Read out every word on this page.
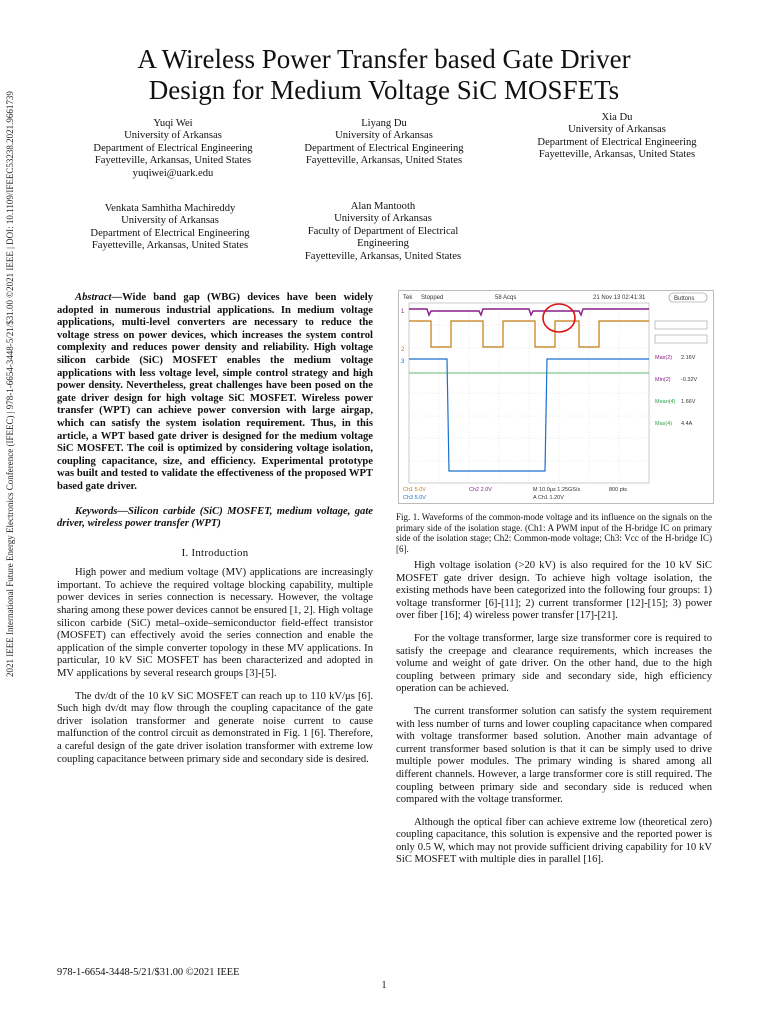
A Wireless Power Transfer based Gate Driver
Design for Medium Voltage SiC MOSFETs
2021 IEEE International Future Energy Electronics Conference (IFEEC) | 978-1-6654-3448-5/21/$31.00 ©2021 IEEE | DOI: 10.1109/IFEEC53238.2021.9661739	Yuqi Wei
University of Arkansas
Department of Electrical Engineering
Fayetteville, Arkansas, United States
yuqiwei@uark.edu
Liyang Du
University of Arkansas
Department of Electrical Engineering
Fayetteville, Arkansas, United States
Xia Du
University of Arkansas
Department of Electrical Engineering
Fayetteville, Arkansas, United States
Venkata Samhitha Machireddy
University of Arkansas
Department of Electrical Engineering
Fayetteville, Arkansas, United States
Alan Mantooth
University of Arkansas
Faculty of Department of Electrical Engineering
Fayetteville, Arkansas, United States
Abstract—Wide band gap (WBG) devices have been widely adopted in numerous industrial applications. In medium voltage applications, multi-level converters are necessary to reduce the voltage stress on power devices, which increases the system control complexity and reduces power density and reliability. High voltage silicon carbide (SiC) MOSFET enables the medium voltage applications with less voltage level, simple control strategy and high power density. Nevertheless, great challenges have been posed on the gate driver design for high voltage SiC MOSFET. Wireless power transfer (WPT) can achieve power conversion with large airgap, which can satisfy the system isolation requirement. Thus, in this article, a WPT based gate driver is designed for the medium voltage SiC MOSFET. The coil is optimized by considering voltage isolation, coupling capacitance, size, and efficiency. Experimental prototype was built and tested to validate the effectiveness of the proposed WPT based gate driver.
Keywords—Silicon carbide (SiC) MOSFET, medium voltage, gate driver, wireless power transfer (WPT)
I. Introduction

High power and medium voltage (MV) applications are increasingly important. To achieve the required voltage blocking capability, multiple power devices in series connection is necessary. However, the voltage sharing among these power devices cannot be ensured [1, 2]. High voltage silicon carbide (SiC) metal–oxide–semiconductor field-effect transistor (MOSFET) can effectively avoid the series connection and enable the application of the simple converter topology in these MV applications. In particular, 10 kV SiC MOSFET has been characterized and adopted in MV applications by several research groups [3]-[5].

The dv/dt of the 10 kV SiC MOSFET can reach up to 110 kV/μs [6]. Such high dv/dt may flow through the coupling capacitance of the gate driver isolation transformer and generate noise current to cause malfunction of the control circuit as demonstrated in Fig. 1 [6]. Therefore, a careful design of the gate driver isolation transformer with extreme low coupling capacitance between primary side and secondary side is desired.

Tek Stopped	58 Acqs	21 Nov 13 02:41:31	Buttons
1
2
3
Max(2) 2.16V
Min(2) -0.32V
Mean(4) 1.66V
Max(4) 4.4A
Ch1 5.0V
Ch3 5.0V
Ch2 2.0V	M 10.0μs 1.25GS/s
A Ch1 1.20V
800 pts
Fig. 1. Waveforms of the common-mode voltage and its influence on the signals on the primary side of the isolation stage. (Ch1: A PWM input of the H-bridge IC on primary side of the isolation stage; Ch2: Common-mode voltage; Ch3: Vcc of the H-bridge IC) [6].

High voltage isolation (>20 kV) is also required for the 10 kV SiC MOSFET gate driver design. To achieve high voltage isolation, the existing methods have been categorized into the following four groups: 1) voltage transformer [6]-[11]; 2) current transformer [12]-[15]; 3) power over fiber [16]; 4) wireless power transfer [17]-[21].

For the voltage transformer, large size transformer core is required to satisfy the creepage and clearance requirements, which increases the volume and weight of gate driver. On the other hand, due to the high coupling between primary side and secondary side, high efficiency operation can be achieved.

The current transformer solution can satisfy the system requirement with less number of turns and lower coupling capacitance when compared with voltage transformer based solution. Another main advantage of current transformer based solution is that it can be simply used to drive multiple power modules. The primary winding is shared among all different channels. However, a large transformer core is still required. The coupling between primary side and secondary side is reduced when compared with the voltage transformer.

Although the optical fiber can achieve extreme low (theoretical zero) coupling capacitance, this solution is expensive and the reported power is only 0.5 W, which may not provide sufficient driving capability for 10 kV SiC MOSFET with multiple dies in parallel [16].

978-1-6654-3448-5/21/$31.00 ©2021 IEEE
1
